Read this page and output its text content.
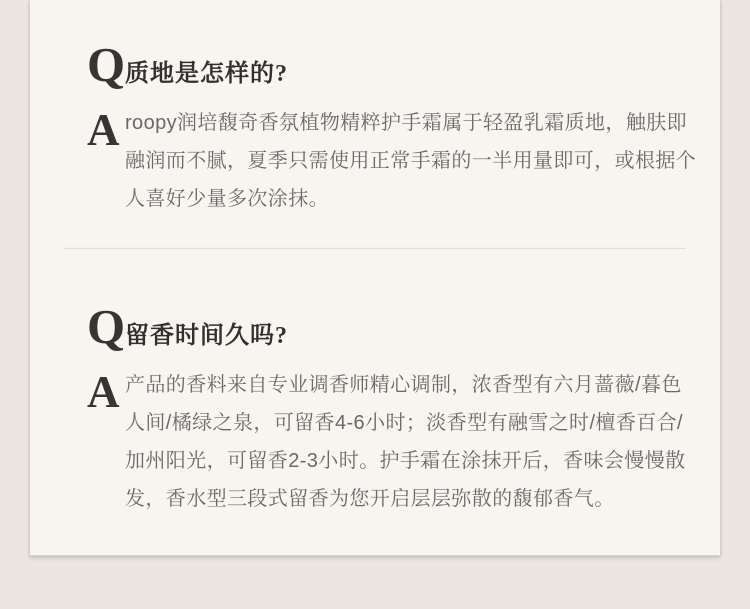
Q 质地是怎样的?
A roopy润培馥奇香氛植物精粹护手霜属于轻盈乳霜质地，触肤即
融润而不腻，夏季只需使用正常手霜的一半用量即可，或根据个
人喜好少量多次涂抹。
Q 留香时间久吗?
A 产品的香料来自专业调香师精心调制，浓香型有六月蔷薇/暮色
人间/橘绿之泉，可留香4-6小时；淡香型有融雪之时/檀香百合/
加州阳光，可留香2-3小时。护手霜在涂抹开后，香味会慢慢散
发，香水型三段式留香为您开启层层弥散的馥郁香气。
